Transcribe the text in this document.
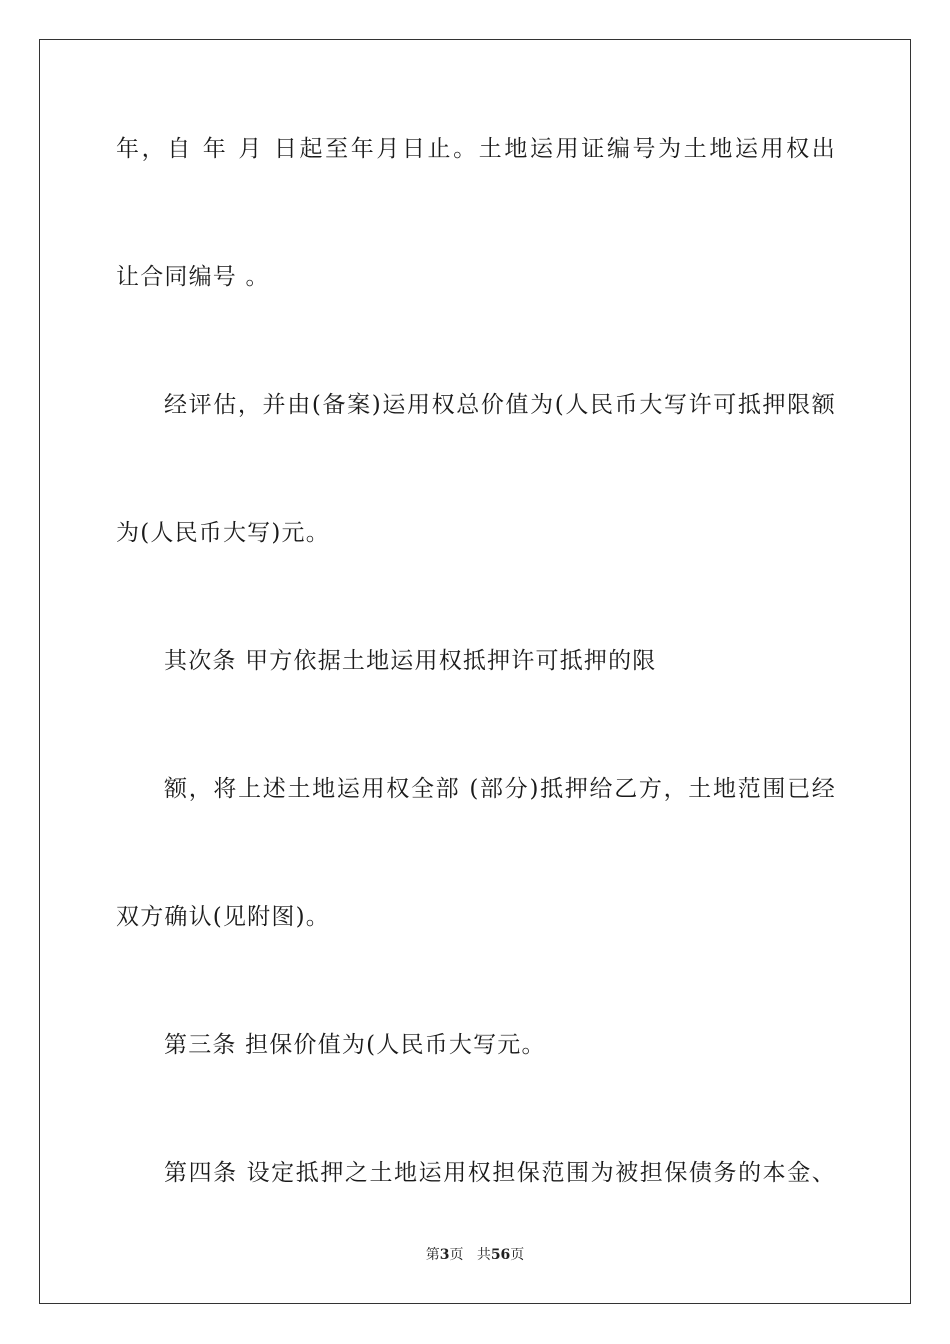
年，自 年 月 日起至年月日止。土地运用证编号为土地运用权出

让合同编号 。

经评估，并由(备案)运用权总价值为(人民币大写许可抵押限额

为(人民币大写)元。

其次条 甲方依据土地运用权抵押许可抵押的限

额，将上述土地运用权全部 (部分)抵押给乙方，土地范围已经

双方确认(见附图)。

第三条 担保价值为(人民币大写元。

第四条 设定抵押之土地运用权担保范围为被担保债务的本金、

第3页 共56页
